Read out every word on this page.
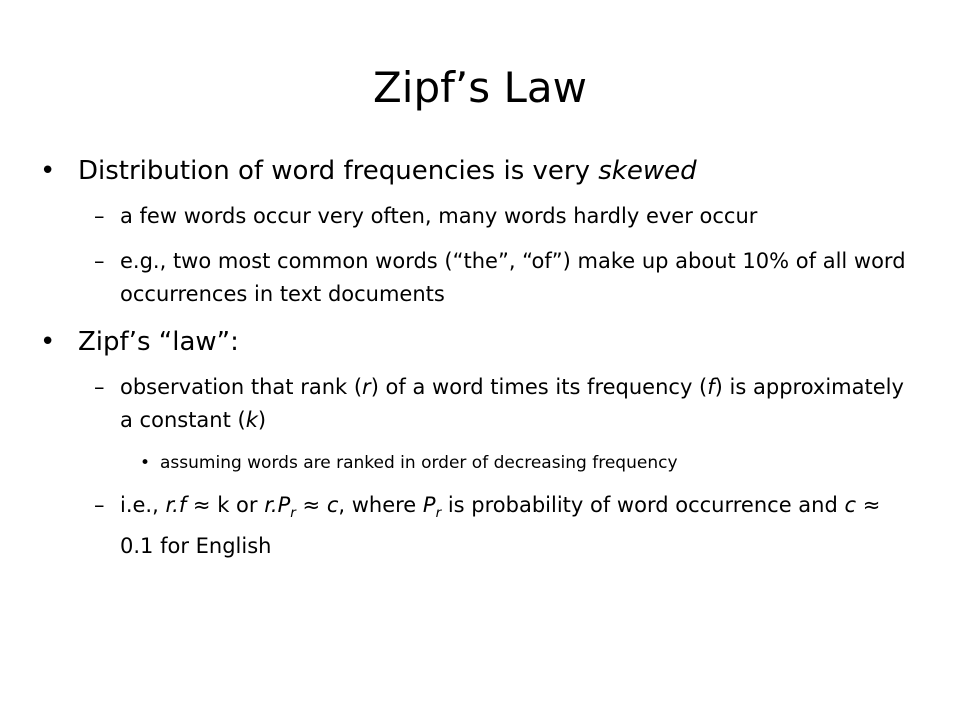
Zipf’s Law
• Distribution of word frequencies is very skewed
– a few words occur very often, many words hardly ever occur
– e.g., two most common words (“the”, “of”) make up about 10% of all word occurrences in text documents
• Zipf’s “law”:
– observation that rank (r) of a word times its frequency (f) is approximately a constant (k)
• assuming words are ranked in order of decreasing frequency
– i.e., r.f ≈ k or $r.P_r \approx c$, where $P_r$ is probability of word occurrence and c ≈ 0.1 for English
